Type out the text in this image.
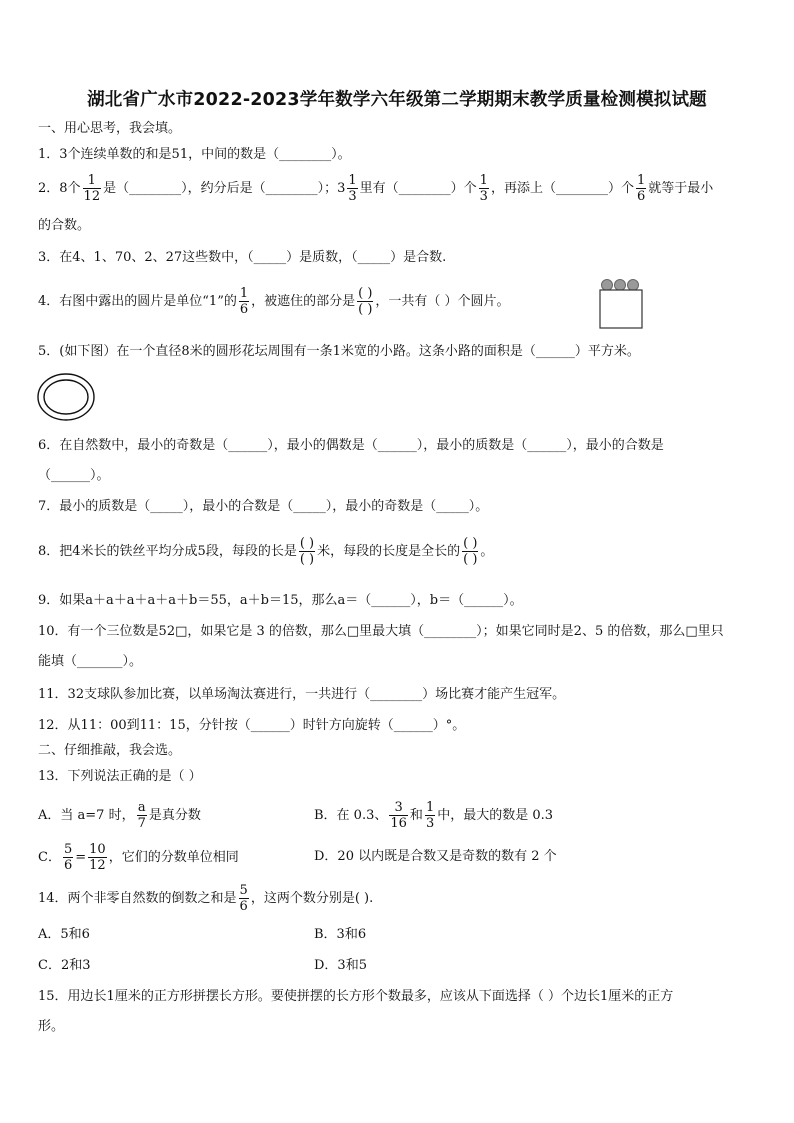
湖北省广水市2022-2023学年数学六年级第二学期期末教学质量检测模拟试题
一、用心思考，我会填。
1．3个连续单数的和是51，中间的数是（________）。
2．8个 $\frac{1}{12}$ 是（________），约分后是（________）；$3 \frac{1}{3}$ 里有（________）个 $\frac{1}{3}$ ，再添上（________）个 $\frac{1}{6}$ 就等于最小
的合数。
3．在4、1、70、2、27这些数中，（_____）是质数，（_____）是合数.
4．右图中露出的圆片是单位“1”的 $\frac{1}{6}$ ，被遮住的部分是 $\frac{( )}{( )}$ ，一共有（ ）个圆片。
5．(如下图）在一个直径8米的圆形花坛周围有一条1米宽的小路。这条小路的面积是（______）平方米。
6．在自然数中，最小的奇数是（______），最小的偶数是（______），最小的质数是（______），最小的合数是
（______）。
7．最小的质数是（_____），最小的合数是（_____），最小的奇数是（_____）。
8．把4米长的铁丝平均分成5段，每段的长是 $\frac{( )}{( )}$ 米，每段的长度是全长的 $\frac{( )}{( )}$ 。
9．如果a＋a＋a＋a＋a＋b＝55，a＋b＝15，那么a＝（______），b＝（______）。
10．有一个三位数是52□，如果它是 3 的倍数，那么□里最大填（________）；如果它同时是2、5 的倍数，那么□里只
能填（_______）。
11．32支球队参加比赛，以单场淘汰赛进行，一共进行（________）场比赛才能产生冠军。
12．从11：00到11：15，分针按（______）时针方向旋转（______）°。
二、仔细推敲，我会选。
13．下列说法正确的是（ ）
A．当 a=7 时， $\frac{a}{7}$ 是真分数	B．在 0.3、 $\frac{3}{16}$ 和 $\frac{1}{3}$ 中，最大的数是 0.3
C． $\frac{5}{6} = \frac{10}{12}$ ，它们的分数单位相同	D．20 以内既是合数又是奇数的数有 2 个
14．两个非零自然数的倒数之和是 $\frac{5}{6}$ ，这两个数分别是( ).
A．5和6	B．3和6
C．2和3	D．3和5
15．用边长1厘米的正方形拼摆长方形。要使拼摆的长方形个数最多，应该从下面选择（ ）个边长1厘米的正方
形。
